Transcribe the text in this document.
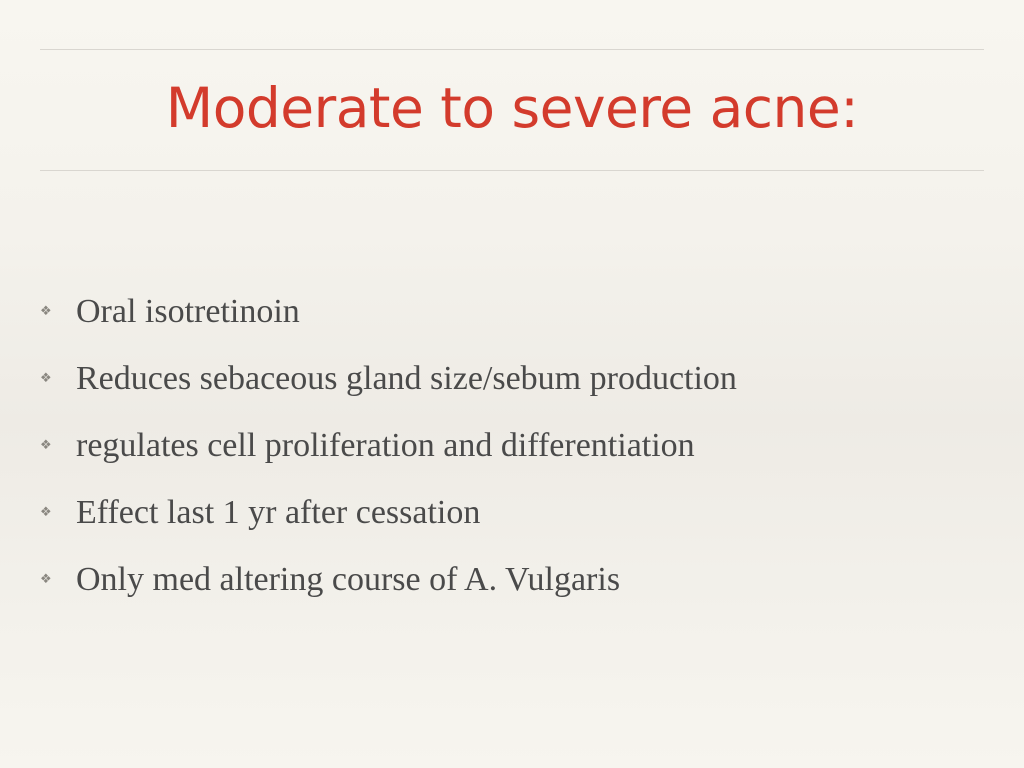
Moderate to severe acne:
❖ Oral isotretinoin
❖ Reduces sebaceous gland size/sebum production
❖ regulates cell proliferation and differentiation
❖ Effect last 1 yr after cessation
❖ Only med altering course of A. Vulgaris
